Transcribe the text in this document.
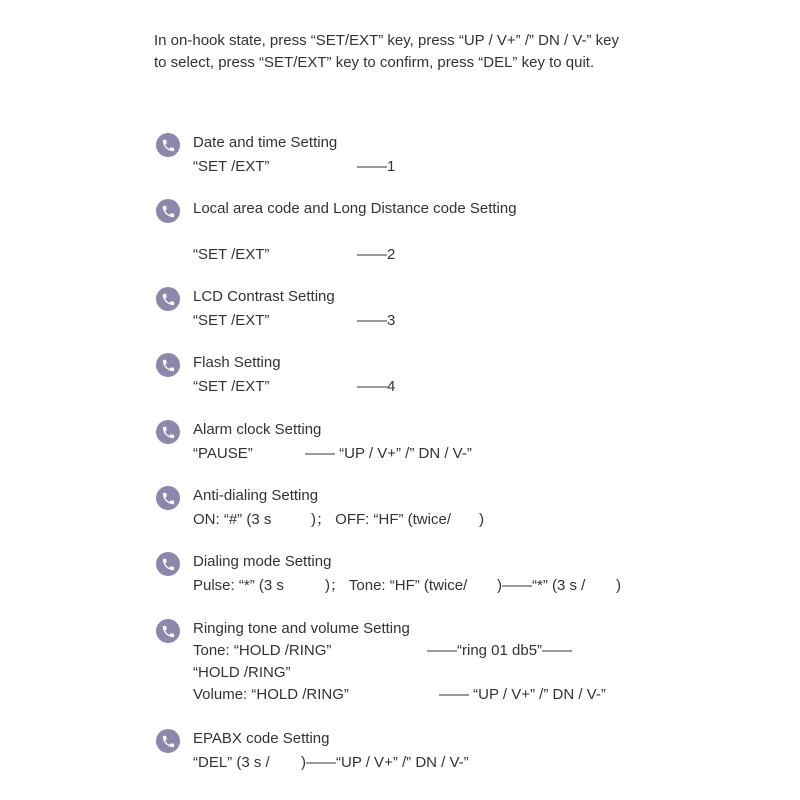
In on-hook state, press “SET/EXT” key, press “UP / V+” /” DN / V-” key

to select, press “SET/EXT” key to confirm, press “DEL” key to quit.

Date and time Setting
“SET /EXT”	——1
Local area code and Long Distance code Setting
“SET /EXT”	——2
LCD Contrast Setting
“SET /EXT”	——3
Flash Setting
“SET /EXT”	——4
Alarm clock Setting
“PAUSE”	—— “UP / V+” /” DN / V-”
Anti-dialing Setting
ON: “#” (3 s	)； OFF: “HF” (twice/ )
Dialing mode Setting
Pulse: “*” (3 s	)； Tone: “HF” (twice/ )——“*” (3 s / )
Ringing tone and volume Setting
Tone: “HOLD /RING”	——“ring 01 db5”——
“HOLD /RING”
Volume: “HOLD /RING”	—— “UP / V+” /” DN / V-”
EPABX code Setting
“DEL” (3 s / )——“UP / V+” /” DN / V-”
